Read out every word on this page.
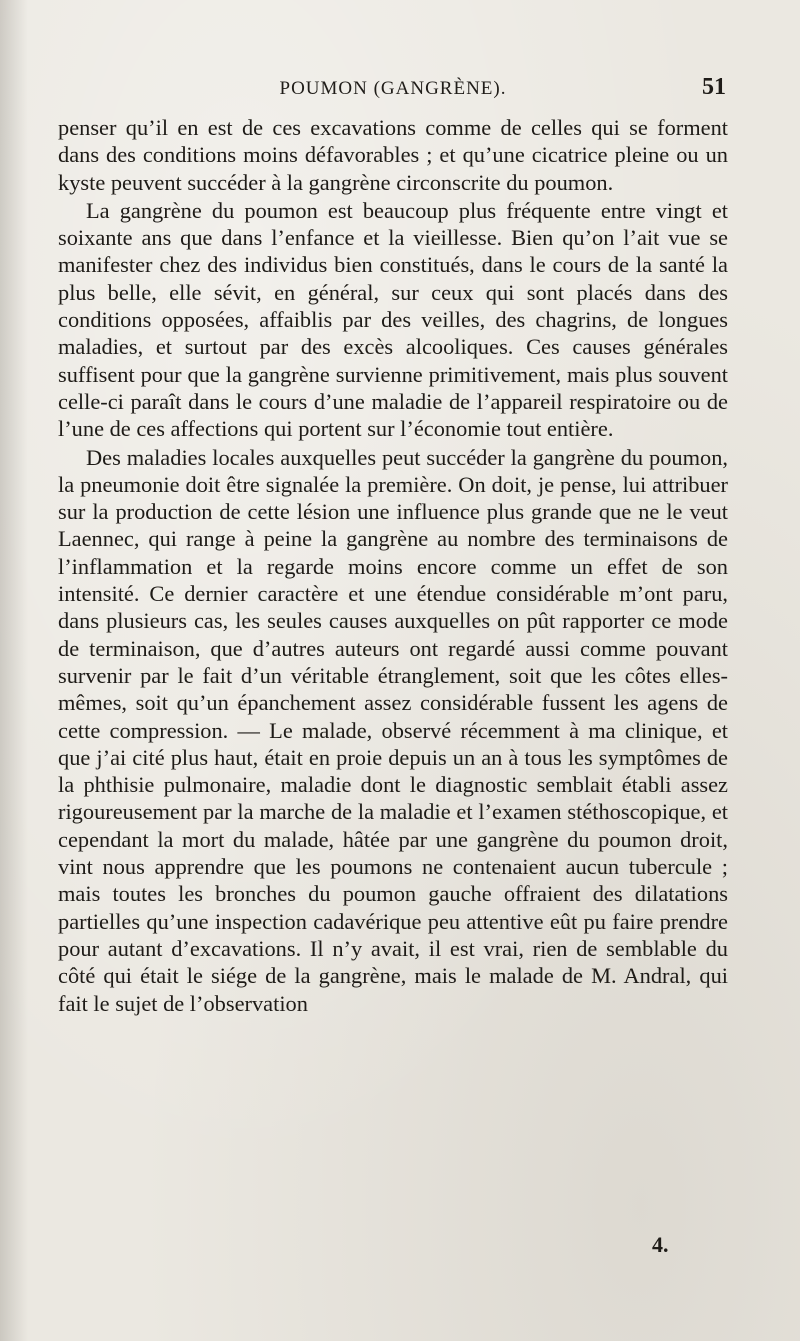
POUMON (GANGRÈNE).	51

penser qu’il en est de ces excavations comme de celles qui se forment dans des conditions moins défavorables ; et qu’une cicatrice pleine ou un kyste peuvent succéder à la gangrène circonscrite du poumon.

La gangrène du poumon est beaucoup plus fréquente entre vingt et soixante ans que dans l’enfance et la vieillesse. Bien qu’on l’ait vue se manifester chez des individus bien constitués, dans le cours de la santé la plus belle, elle sévit, en général, sur ceux qui sont placés dans des conditions opposées, affaiblis par des veilles, des chagrins, de longues maladies, et surtout par des excès alcooliques. Ces causes générales suffisent pour que la gangrène survienne primitivement, mais plus souvent celle-ci paraît dans le cours d’une maladie de l’appareil respiratoire ou de l’une de ces affections qui portent sur l’économie tout entière.

Des maladies locales auxquelles peut succéder la gangrène du poumon, la pneumonie doit être signalée la première. On doit, je pense, lui attribuer sur la production de cette lésion une influence plus grande que ne le veut Laennec, qui range à peine la gangrène au nombre des terminaisons de l’inflammation et la regarde moins encore comme un effet de son intensité. Ce dernier caractère et une étendue considérable m’ont paru, dans plusieurs cas, les seules causes auxquelles on pût rapporter ce mode de terminaison, que d’autres auteurs ont regardé aussi comme pouvant survenir par le fait d’un véritable étranglement, soit que les côtes elles-mêmes, soit qu’un épanchement assez considérable fussent les agens de cette compression. — Le malade, observé récemment à ma clinique, et que j’ai cité plus haut, était en proie depuis un an à tous les symptômes de la phthisie pulmonaire, maladie dont le diagnostic semblait établi assez rigoureusement par la marche de la maladie et l’examen stéthoscopique, et cependant la mort du malade, hâtée par une gangrène du poumon droit, vint nous apprendre que les poumons ne contenaient aucun tubercule ; mais toutes les bronches du poumon gauche offraient des dilatations partielles qu’une inspection cadavérique peu attentive eût pu faire prendre pour autant d’excavations. Il n’y avait, il est vrai, rien de semblable du côté qui était le siége de la gangrène, mais le malade de M. Andral, qui fait le sujet de l’observation

4.
